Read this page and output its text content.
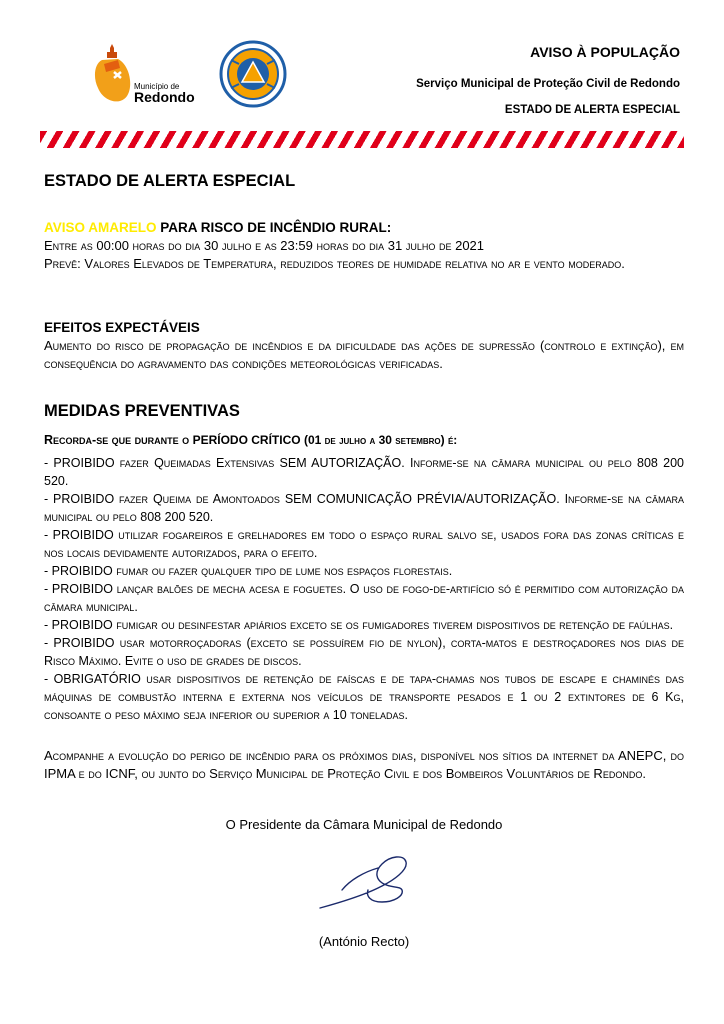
AVISO À POPULAÇÃO
Serviço Municipal de Proteção Civil de Redondo
ESTADO DE ALERTA ESPECIAL
Município de
Redondo
ESTADO DE ALERTA ESPECIAL
AVISO AMARELO PARA RISCO DE INCÊNDIO RURAL:
Entre as 00:00 horas do dia 30 julho e as 23:59 horas do dia 31 julho de 2021
Prevê: Valores Elevados de Temperatura, reduzidos teores de humidade relativa no ar e vento moderado.
EFEITOS EXPECTÁVEIS
Aumento do risco de propagação de incêndios e da dificuldade das ações de supressão (controlo e extinção), em consequência do agravamento das condições meteorológicas verificadas.
MEDIDAS PREVENTIVAS
Recorda-se que durante o PERÍODO CRÍTICO (01 de julho a 30 setembro) é:
- PROIBIDO fazer Queimadas Extensivas SEM AUTORIZAÇÃO. Informe-se na câmara municipal ou pelo 808 200 520.
- PROIBIDO fazer Queima de Amontoados SEM COMUNICAÇÃO PRÉVIA/AUTORIZAÇÃO. Informe-se na câmara municipal ou pelo 808 200 520.
- PROIBIDO utilizar fogareiros e grelhadores em todo o espaço rural salvo se, usados fora das zonas críticas e nos locais devidamente autorizados, para o efeito.
- PROIBIDO fumar ou fazer qualquer tipo de lume nos espaços florestais.
- PROIBIDO lançar balões de mecha acesa e foguetes. O uso de fogo-de-artifício só é permitido com autorização da câmara municipal.
- PROIBIDO fumigar ou desinfestar apiários exceto se os fumigadores tiverem dispositivos de retenção de faúlhas.
- PROIBIDO usar motorroçadoras (exceto se possuírem fio de nylon), corta-matos e destroçadores nos dias de Risco Máximo. Evite o uso de grades de discos.
- OBRIGATÓRIO usar dispositivos de retenção de faíscas e de tapa-chamas nos tubos de escape e chaminés das máquinas de combustão interna e externa nos veículos de transporte pesados e 1 ou 2 extintores de 6 Kg, consoante o peso máximo seja inferior ou superior a 10 toneladas.
Acompanhe a evolução do perigo de incêndio para os próximos dias, disponível nos sítios da internet da ANEPC, do IPMA e do ICNF, ou junto do Serviço Municipal de Proteção Civil e dos Bombeiros Voluntários de Redondo.
O Presidente da Câmara Municipal de Redondo
(António Recto)
